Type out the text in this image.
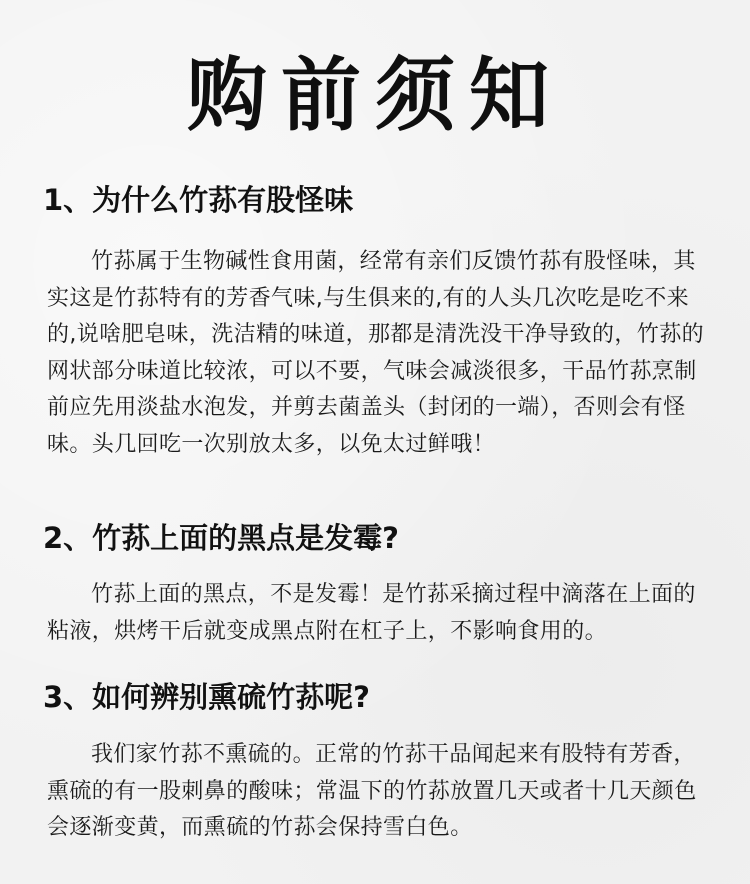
购前须知
1、为什么竹荪有股怪味
竹荪属于生物碱性食用菌，经常有亲们反馈竹荪有股怪味，其实这是竹荪特有的芳香气味,与生俱来的,有的人头几次吃是吃不来的,说啥肥皂味，洗洁精的味道，那都是清洗没干净导致的，竹荪的网状部分味道比较浓，可以不要，气味会减淡很多，干品竹荪烹制前应先用淡盐水泡发，并剪去菌盖头（封闭的一端），否则会有怪味。头几回吃一次别放太多，以免太过鲜哦！
2、竹荪上面的黑点是发霉?
竹荪上面的黑点，不是发霉！是竹荪采摘过程中滴落在上面的粘液，烘烤干后就变成黑点附在杠子上，不影响食用的。
3、如何辨别熏硫竹荪呢?
我们家竹荪不熏硫的。正常的竹荪干品闻起来有股特有芳香，熏硫的有一股刺鼻的酸味；常温下的竹荪放置几天或者十几天颜色会逐渐变黄，而熏硫的竹荪会保持雪白色。
